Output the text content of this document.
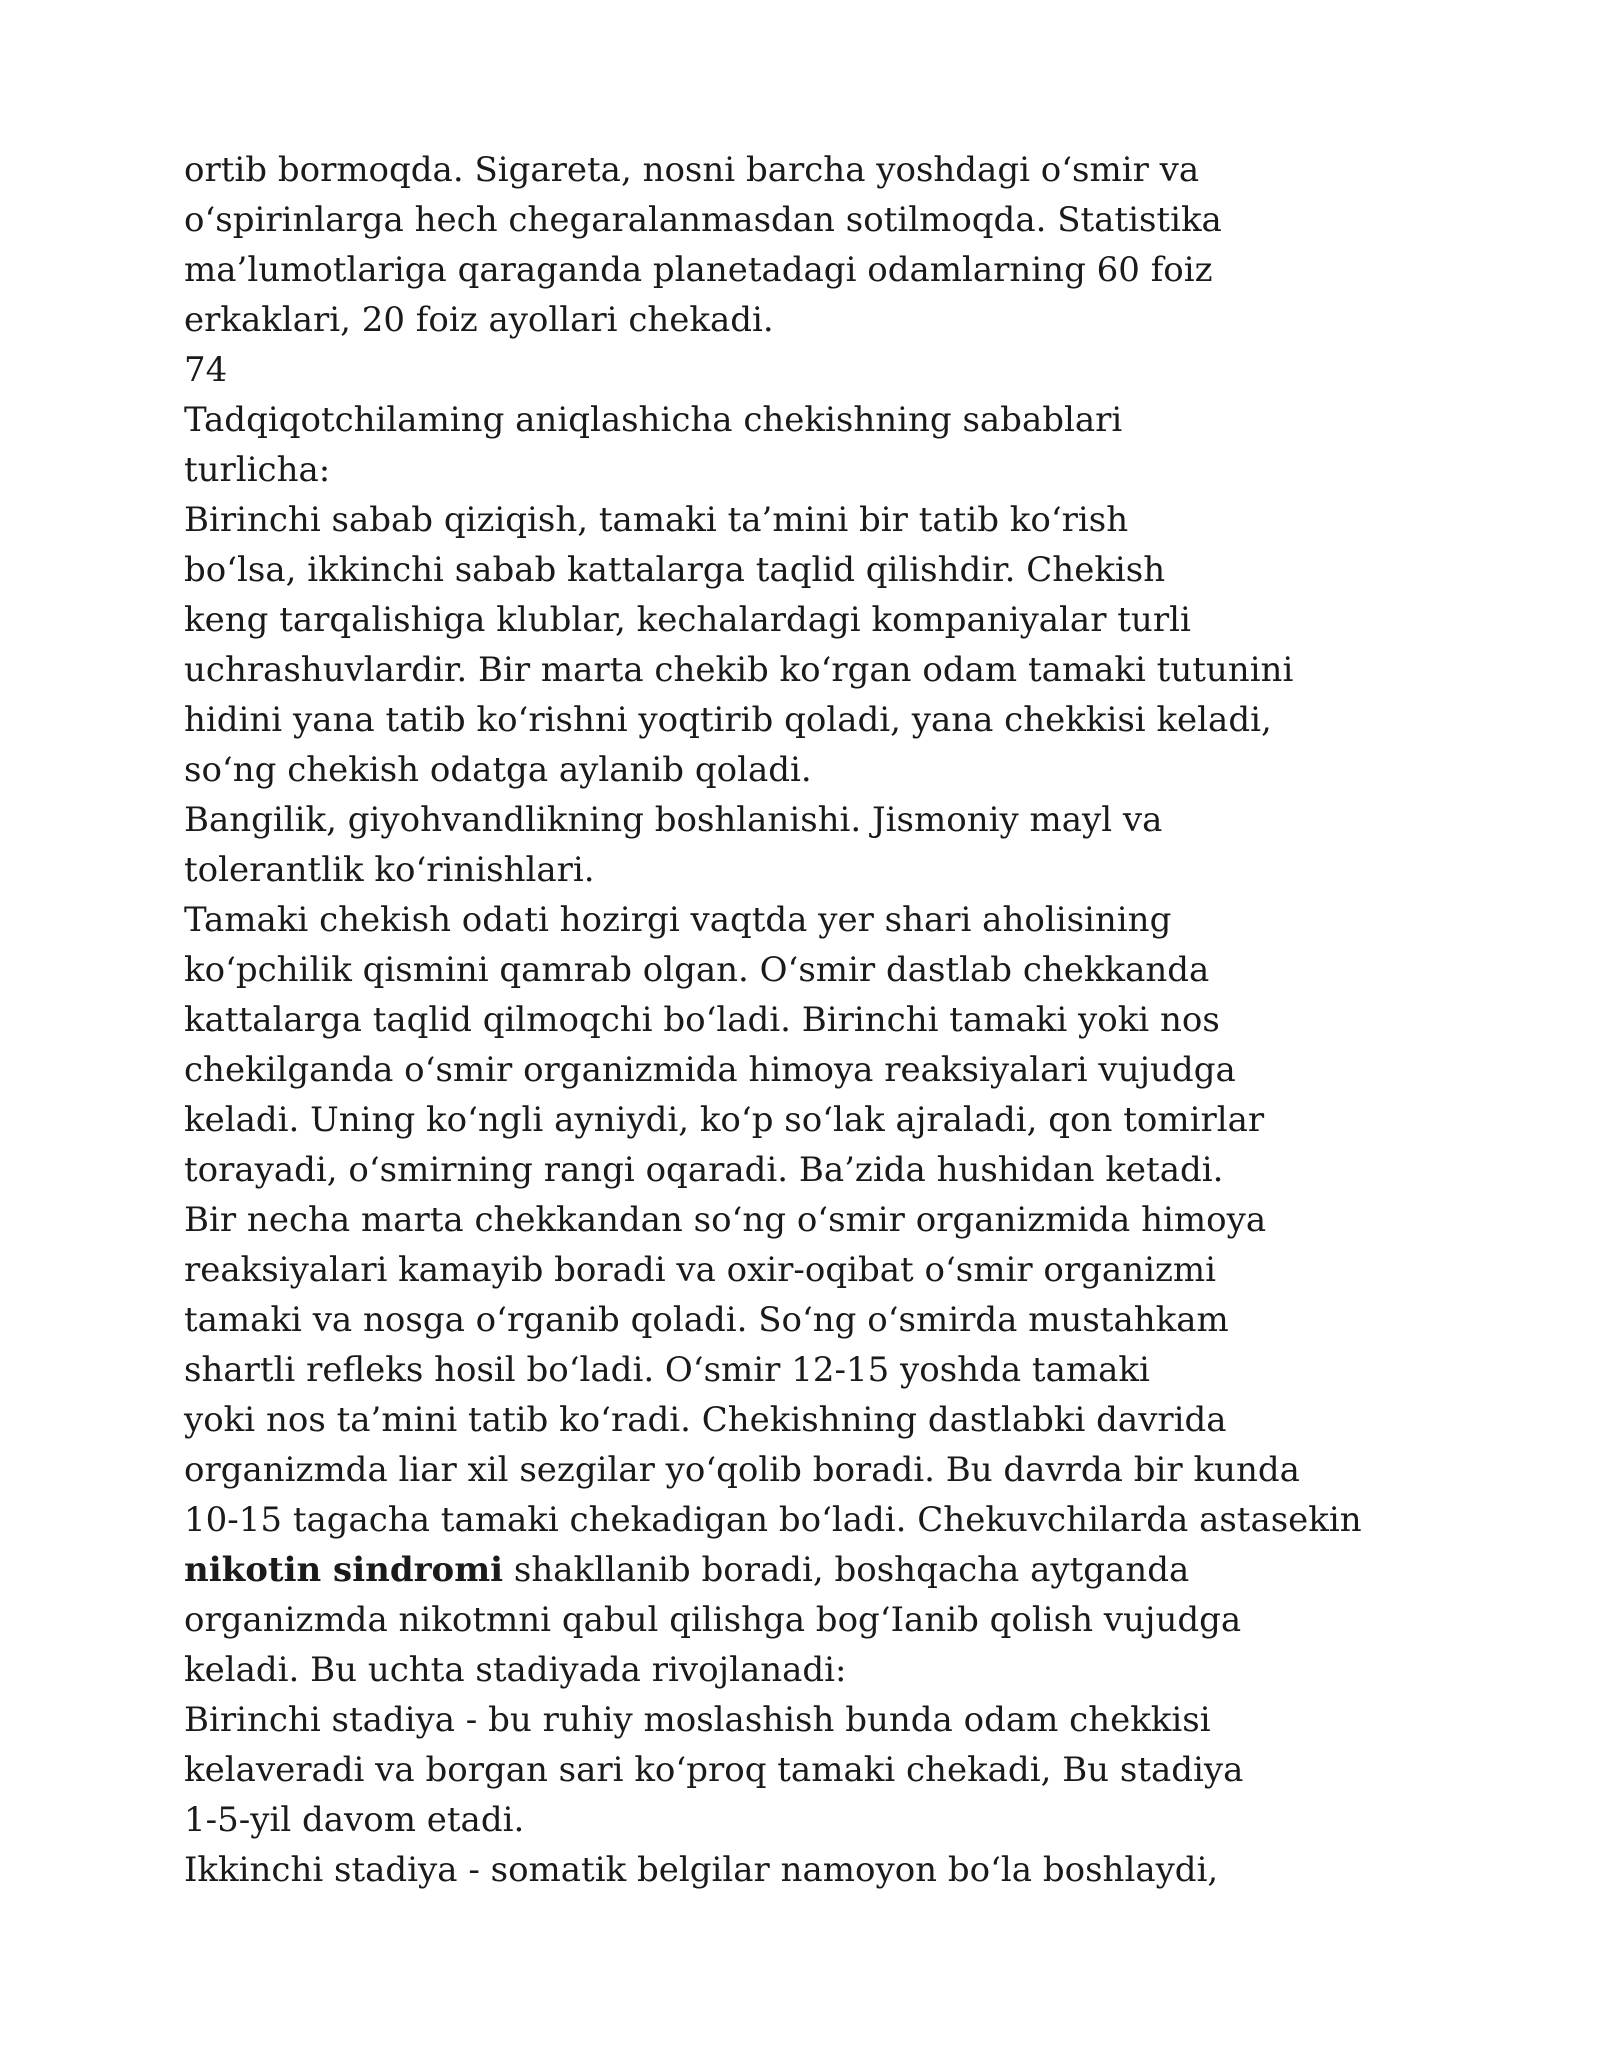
ortib bormoqda. Sigareta, nosni barcha yoshdagi o‘smir va
o‘spirinlarga hech chegaralanmasdan sotilmoqda. Statistika
ma’lumotlariga qaraganda planetadagi odamlarning 60 foiz
erkaklari, 20 foiz ayollari chekadi.
74
Tadqiqotchilaming aniqlashicha chekishning sabablari
turlicha:
Birinchi sabab qiziqish, tamaki ta’mini bir tatib ko‘rish
bo‘lsa, ikkinchi sabab kattalarga taqlid qilishdir. Chekish
keng tarqalishiga klublar, kechalardagi kompaniyalar turli
uchrashuvlardir. Bir marta chekib ko‘rgan odam tamaki tutunini
hidini yana tatib ko‘rishni yoqtirib qoladi, yana chekkisi keladi,
so‘ng chekish odatga aylanib qoladi.
Bangilik, giyohvandlikning boshlanishi. Jismoniy mayl va
tolerantlik ko‘rinishlari.
Tamaki chekish odati hozirgi vaqtda yer shari aholisining
ko‘pchilik qismini qamrab olgan. O‘smir dastlab chekkanda
kattalarga taqlid qilmoqchi bo‘ladi. Birinchi tamaki yoki nos
chekilganda o‘smir organizmida himoya reaksiyalari vujudga
keladi. Uning ko‘ngli ayniydi, ko‘p so‘lak ajraladi, qon tomirlar
torayadi, o‘smirning rangi oqaradi. Ba’zida hushidan ketadi.
Bir necha marta chekkandan so‘ng o‘smir organizmida himoya
reaksiyalari kamayib boradi va oxir-oqibat o‘smir organizmi
tamaki va nosga o‘rganib qoladi. So‘ng o‘smirda mustahkam
shartli refleks hosil bo‘ladi. O‘smir 12-15 yoshda tamaki
yoki nos ta’mini tatib ko‘radi. Chekishning dastlabki davrida
organizmda liar xil sezgilar yo‘qolib boradi. Bu davrda bir kunda
10-15 tagacha tamaki chekadigan bo‘ladi. Chekuvchilarda astasekin
nikotin sindromi shakllanib boradi, boshqacha aytganda
organizmda nikotmni qabul qilishga bog‘Ianib qolish vujudga
keladi. Bu uchta stadiyada rivojlanadi:
Birinchi stadiya - bu ruhiy moslashish bunda odam chekkisi
kelaveradi va borgan sari ko‘proq tamaki chekadi, Bu stadiya
1-5-yil davom etadi.
Ikkinchi stadiya - somatik belgilar namoyon bo‘la boshlaydi,
